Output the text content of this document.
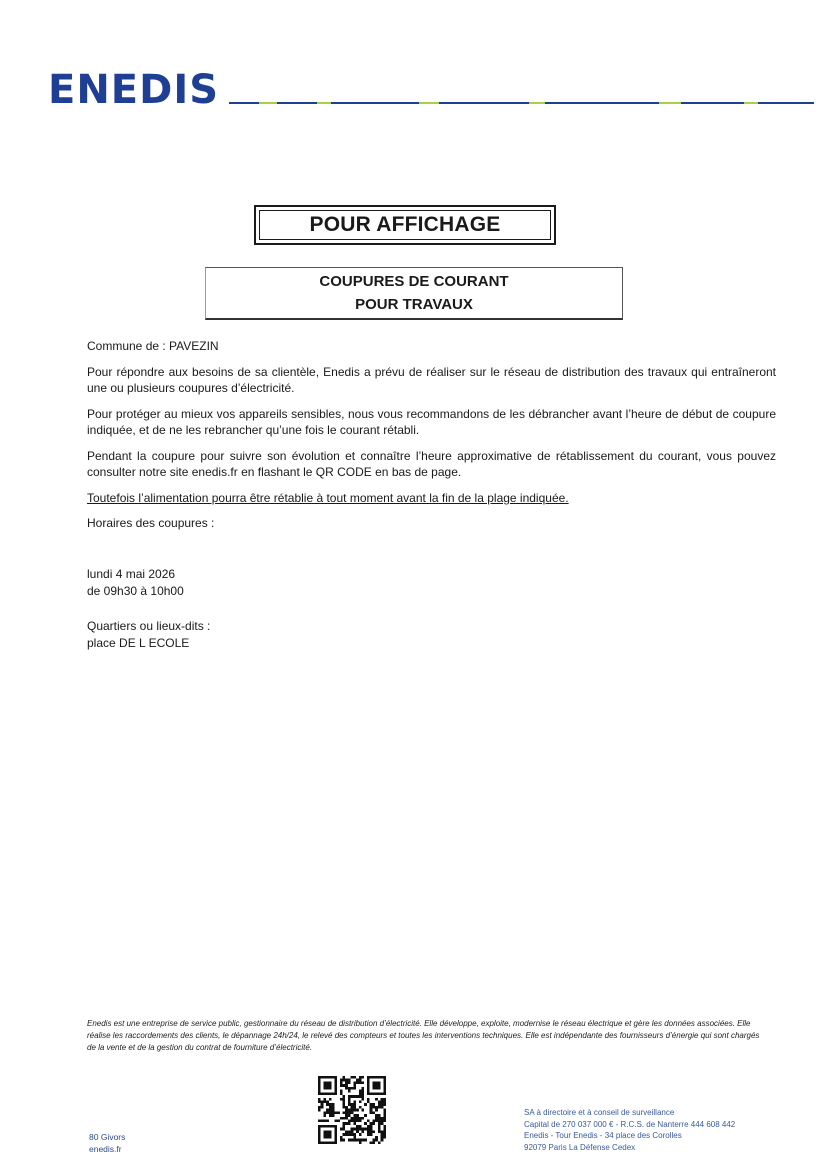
ENEDIS
POUR AFFICHAGE
COUPURES DE COURANT
POUR TRAVAUX

Commune de : PAVEZIN

Pour répondre aux besoins de sa clientèle, Enedis a prévu de réaliser sur le réseau de distribution des travaux qui entraîneront une ou plusieurs coupures d’électricité.

Pour protéger au mieux vos appareils sensibles, nous vous recommandons de les débrancher avant l’heure de début de coupure indiquée, et de ne les rebrancher qu’une fois le courant rétabli.

Pendant la coupure pour suivre son évolution et connaître l’heure approximative de rétablissement du courant, vous pouvez consulter notre site enedis.fr en flashant le QR CODE en bas de page.

Toutefois l’alimentation pourra être rétablie à tout moment avant la fin de la plage indiquée.

Horaires des coupures :

lundi 4 mai 2026
de 09h30 à 10h00
Quartiers ou lieux-dits :
place DE L ECOLE
Enedis est une entreprise de service public, gestionnaire du réseau de distribution d’électricité. Elle développe, exploite, modernise le réseau électrique et gère les données associées. Elle réalise les raccordements des clients, le dépannage 24h/24, le relevé des compteurs et toutes les interventions techniques. Elle est indépendante des fournisseurs d’énergie qui sont chargés de la vente et de la gestion du contrat de fourniture d’électricité.
80 Givors
enedis.fr
SA à directoire et à conseil de surveillance
Capital de 270 037 000 € - R.C.S. de Nanterre 444 608 442
Enedis - Tour Enedis - 34 place des Corolles
92079 Paris La Défense Cedex
